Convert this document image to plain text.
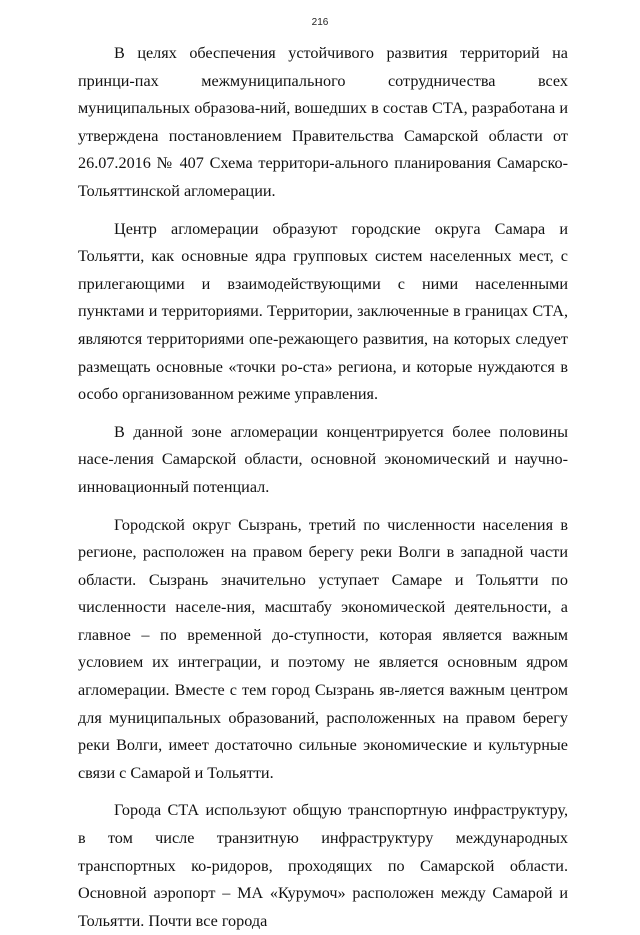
216

В целях обеспечения устойчивого развития территорий на принци-пах межмуниципального сотрудничества всех муниципальных образова-ний, вошедших в состав СТА, разработана и утверждена постановлением Правительства Самарской области от 26.07.2016 № 407 Схема территори-ального планирования Самарско-Тольяттинской агломерации.

Центр агломерации образуют городские округа Самара и Тольятти, как основные ядра групповых систем населенных мест, с прилегающими и взаимодействующими с ними населенными пунктами и территориями. Территории, заключенные в границах СТА, являются территориями опе-режающего развития, на которых следует размещать основные «точки ро-ста» региона, и которые нуждаются в особо организованном режиме управления.

В данной зоне агломерации концентрируется более половины насе-ления Самарской области, основной экономический и научно-инновационный потенциал.

Городской округ Сызрань, третий по численности населения в регионе, расположен на правом берегу реки Волги в западной части области. Сызрань значительно уступает Самаре и Тольятти по численности населе-ния, масштабу экономической деятельности, а главное – по временной до-ступности, которая является важным условием их интеграции, и поэтому не является основным ядром агломерации. Вместе с тем город Сызрань яв-ляется важным центром для муниципальных образований, расположенных на правом берегу реки Волги, имеет достаточно сильные экономические и культурные связи с Самарой и Тольятти.

Города СТА используют общую транспортную инфраструктуру, в том числе транзитную инфраструктуру международных транспортных ко-ридоров, проходящих по Самарской области. Основной аэропорт – МА «Курумоч» расположен между Самарой и Тольятти. Почти все города
